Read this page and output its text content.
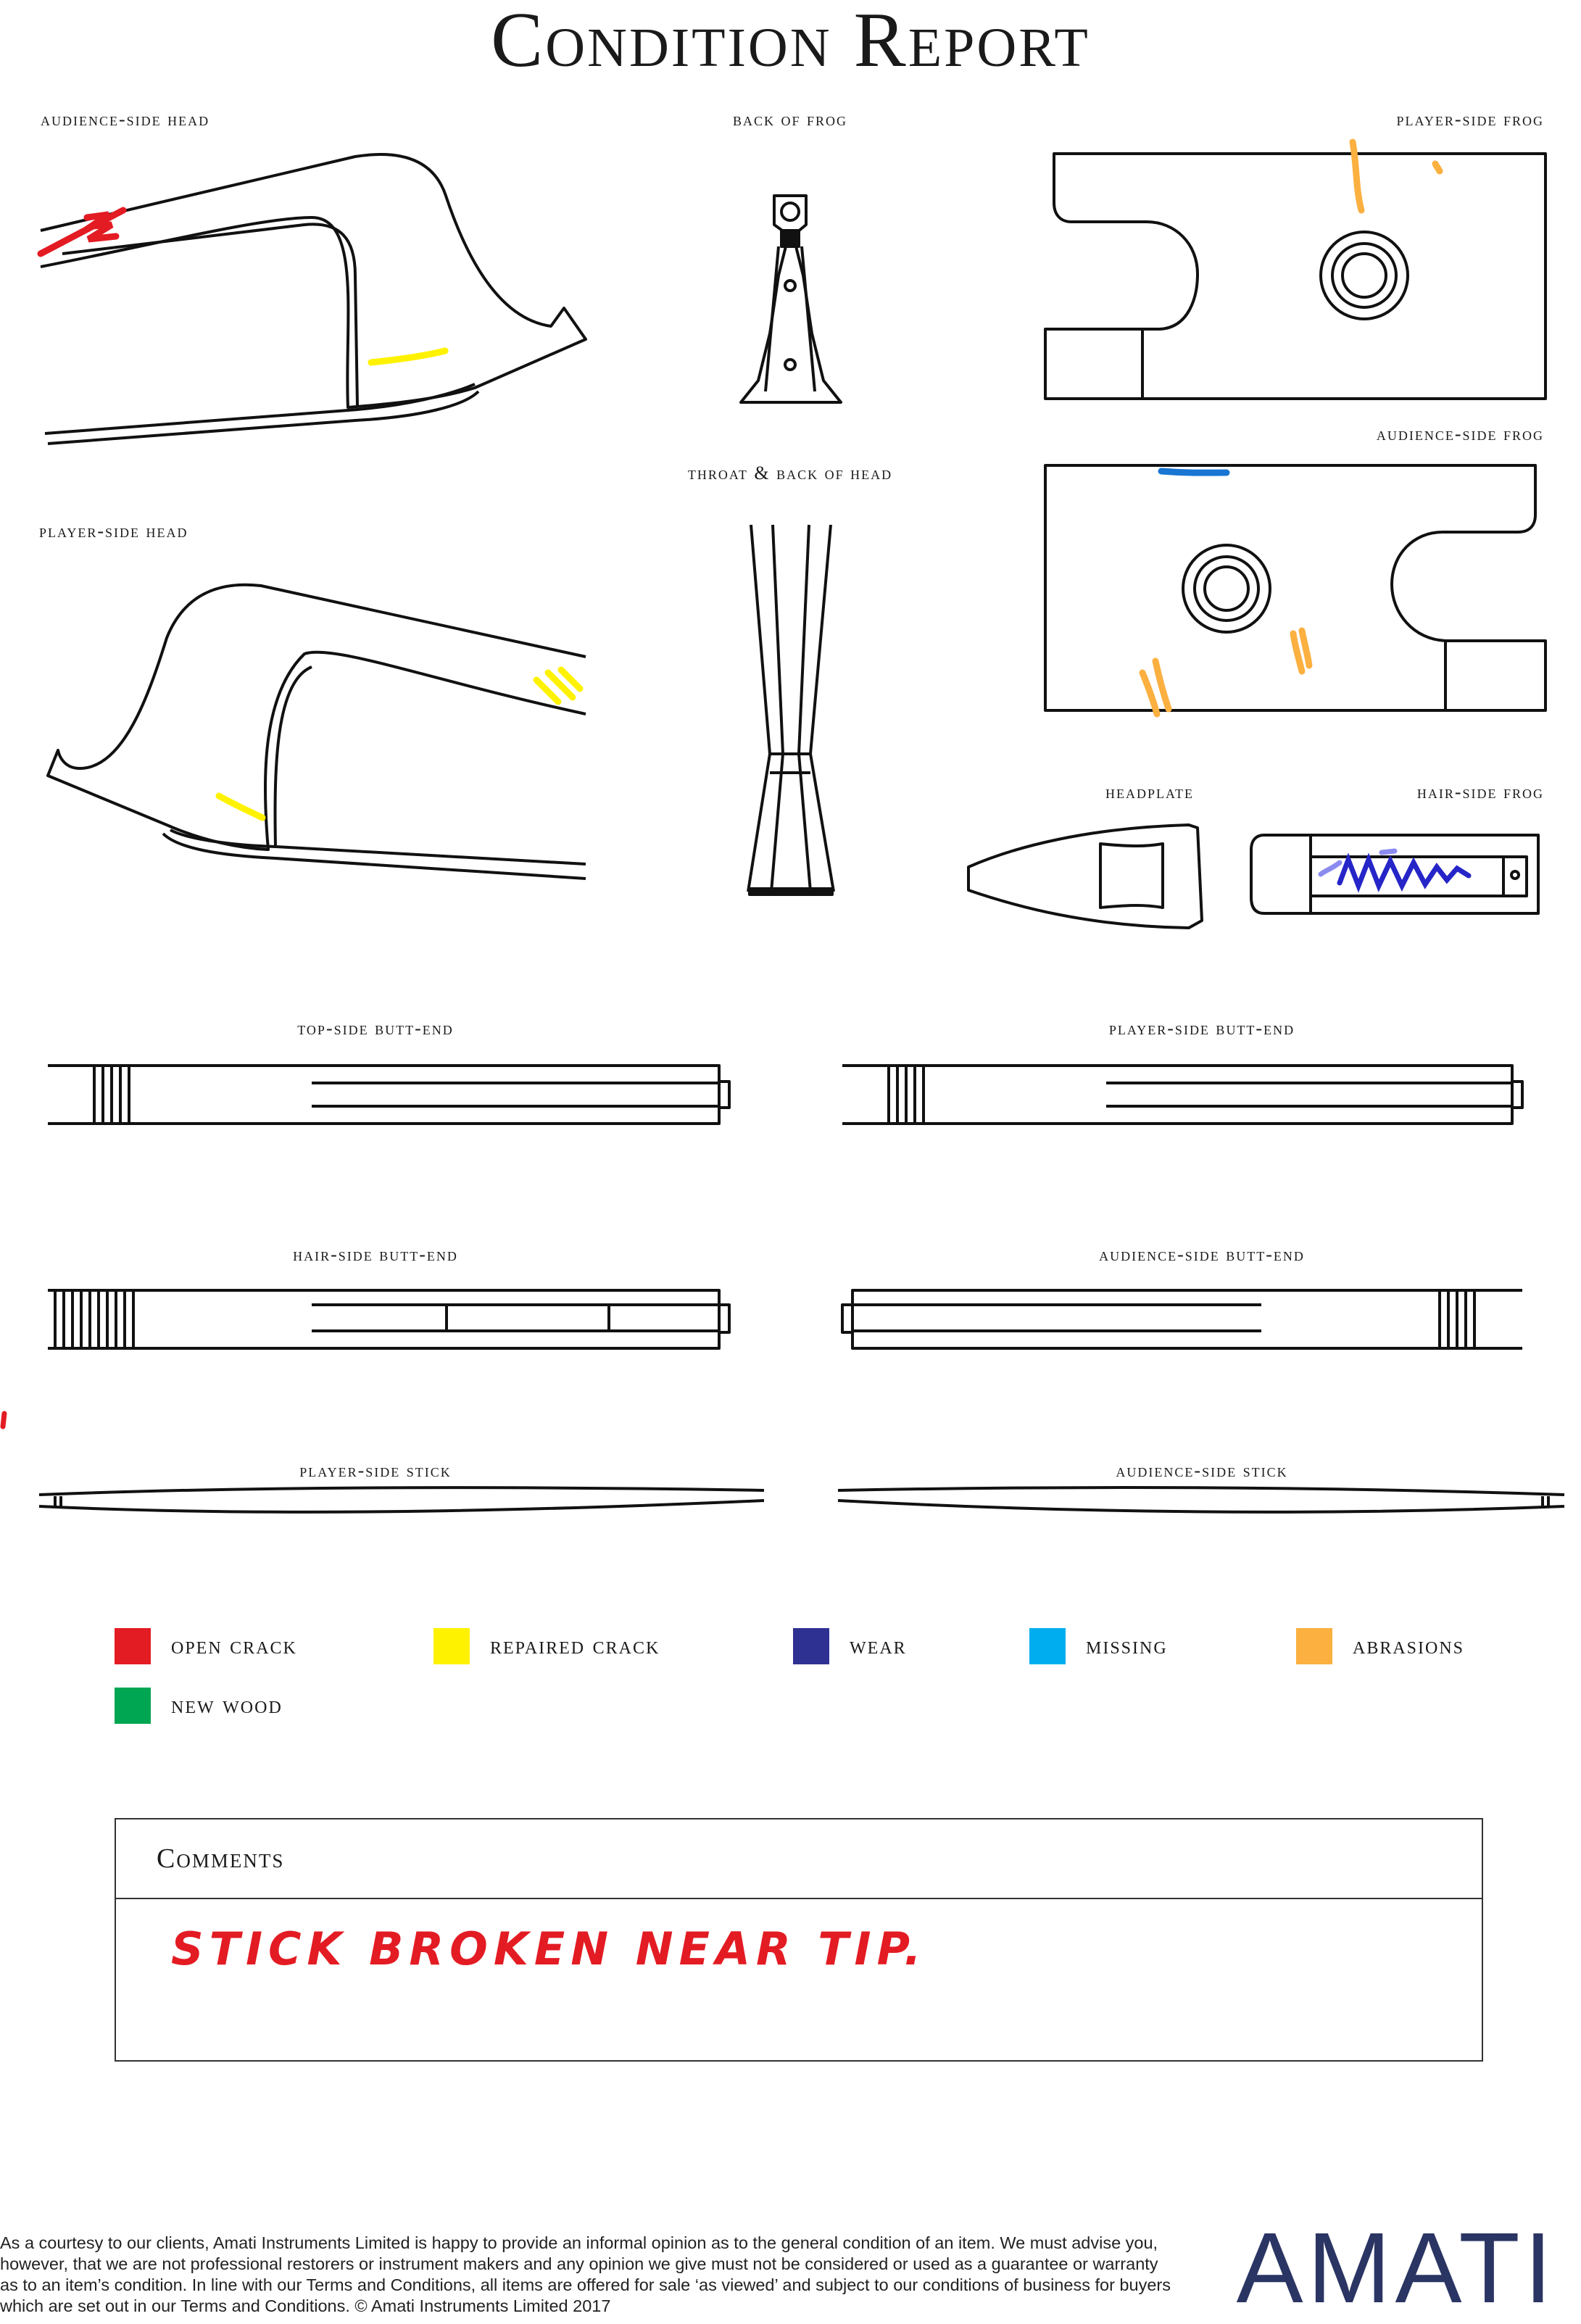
Condition Report
audience-side head	back of frog	player-side frog
throat & back of head
audience-side frog
player-side head
headplate	hair-side frog
top-side butt-end	player-side butt-end
hair-side butt-end	audience-side butt-end
player-side stick	audience-side stick
open crack	repaired crack	wear	missing	abrasions
new wood
Comments
STICK BROKEN NEAR TIP.
As a courtesy to our clients, Amati Instruments Limited is happy to provide an informal opinion as to the general condition of an item. We must advise you, however, that we are not professional restorers or instrument makers and any opinion we give must not be considered or used as a guarantee or warranty as to an item’s condition. In line with our Terms and Conditions, all items are offered for sale ‘as viewed’ and subject to our conditions of business for buyers which are set out in our Terms and Conditions. © Amati Instruments Limited 2017	AMATI
